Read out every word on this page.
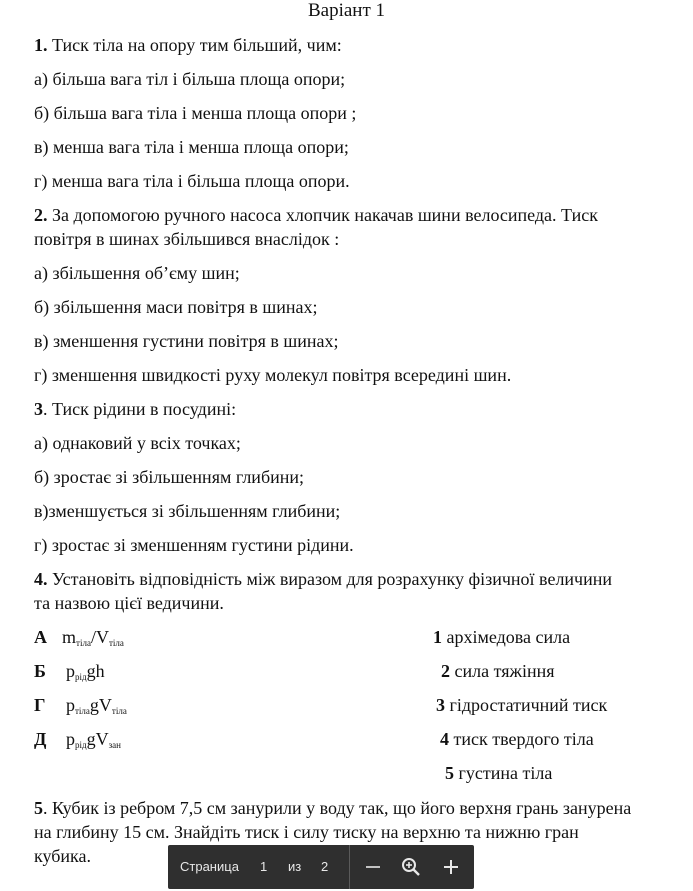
Варіант 1
1. Тиск тіла на опору тим більший, чим:
а) більша вага тіл і більша площа опори;
б) більша вага тіла і менша площа опори ;
в) менша вага тіла і менша площа опори;
г) менша вага тіла і більша площа опори.
2. За допомогою ручного насоса хлопчик накачав шини велосипеда. Тиск
повітря в шинах збільшився внаслідок :
а) збільшення об’єму шин;
б) збільшення маси повітря в шинах;
в) зменшення густини повітря в шинах;
г) зменшення швидкості руху молекул повітря всередині шин.
3. Тиск рідини в посудині:
а) однаковий у всіх точках;
б) зростає зі збільшенням глибини;
в)зменшується зі збільшенням глибини;
г) зростає зі зменшенням густини рідини.
4. Установіть відповідність між виразом для розрахунку фізичної величини
та назвою цієї ведичини.
А $m_{тіла}/V_{тіла}$
Б $p_{рід}gh$
Г $p_{тіла}gV_{тіла}$
Д $p_{рід}gV_{зан}$
1 архімедова сила
2 сила тяжіння
3 гідростатичний тиск
4 тиск твердого тіла
5 густина тіла
5. Кубик із ребром 7,5 см занурили у воду так, що його верхня грань занурена
на глибину 15 см. Знайдіть тиск і силу тиску на верхню та нижню гран
кубика.
Страница 1 из 2
